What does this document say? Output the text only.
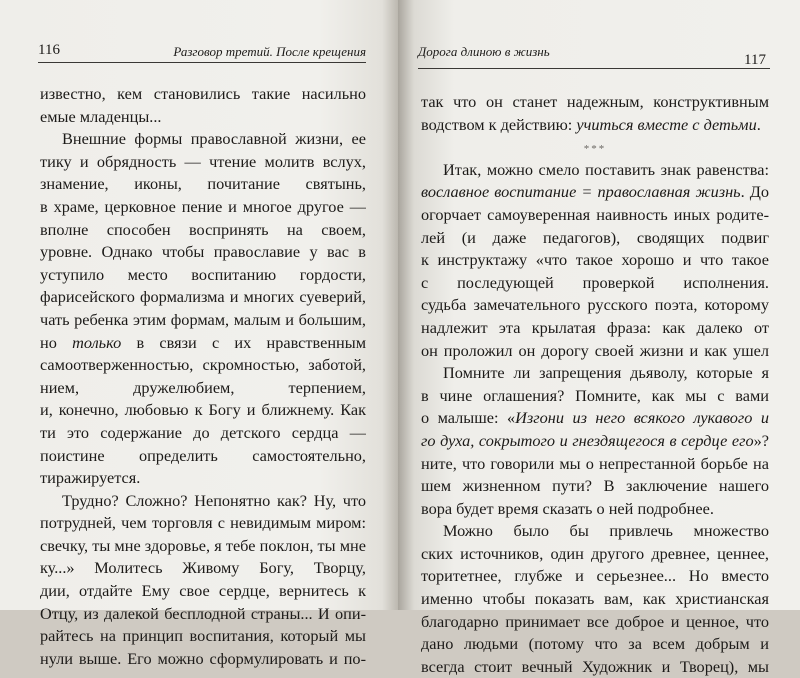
116	Разговор третий. После крещения
известно, кем становились такие насильно
емые младенцы...
Внешние формы православной жизни, ее
тику и обрядность — чтение молитв вслух,
знамение, иконы, почитание святынь,
в храме, церковное пение и многое другое —
вполне способен воспринять на своем,
уровне. Однако чтобы православие у вас в
уступило место воспитанию гордости,
фарисейского формализма и многих суеверий,
чать ребенка этим формам, малым и большим,
но только в связи с их нравственным
самоотверженностью, скромностью, заботой,
нием, дружелюбием, терпением,
и, конечно, любовью к Богу и ближнему. Как
ти это содержание до детского сердца —
поистине определить самостоятельно,
тиражируется.
Трудно? Сложно? Непонятно как? Ну, что
потрудней, чем торговля с невидимым миром:
свечку, ты мне здоровье, я тебе поклон, ты мне
ку...» Молитесь Живому Богу, Творцу,
дии, отдайте Ему свое сердце, вернитесь к
Отцу, из далекой бесплодной страны... И опи-
райтесь на принцип воспитания, который мы
нули выше. Его можно сформулировать и по-
Дорога длиною в жизнь
117
так что он станет надежным, конструктивным
водством к действию: учиться вместе с детьми.
***
Итак, можно смело поставить знак равенства:
вославное воспитание = православная жизнь. До
огорчает самоуверенная наивность иных родите-
лей (и даже педагогов), сводящих подвиг
к инструктажу «что такое хорошо и что такое
с последующей проверкой исполнения.
судьба замечательного русского поэта, которому
надлежит эта крылатая фраза: как далеко от
он проложил он дорогу своей жизни и как ушел
Помните ли запрещения дьяволу, которые я
в чине оглашения? Помните, как мы с вами
о малыше: «Изгони из него всякого лукавого и
го духа, сокрытого и гнездящегося в сердце его»?
ните, что говорили мы о непрестанной борьбе на
шем жизненном пути? В заключение нашего
вора будет время сказать о ней подробнее.
Можно было бы привлечь множество
ских источников, один другого древнее, ценнее,
торитетнее, глубже и серьезнее... Но вместо
именно чтобы показать вам, как христианская
благодарно принимает все доброе и ценное, что
дано людьми (потому что за всем добрым и
всегда стоит вечный Художник и Творец), мы
